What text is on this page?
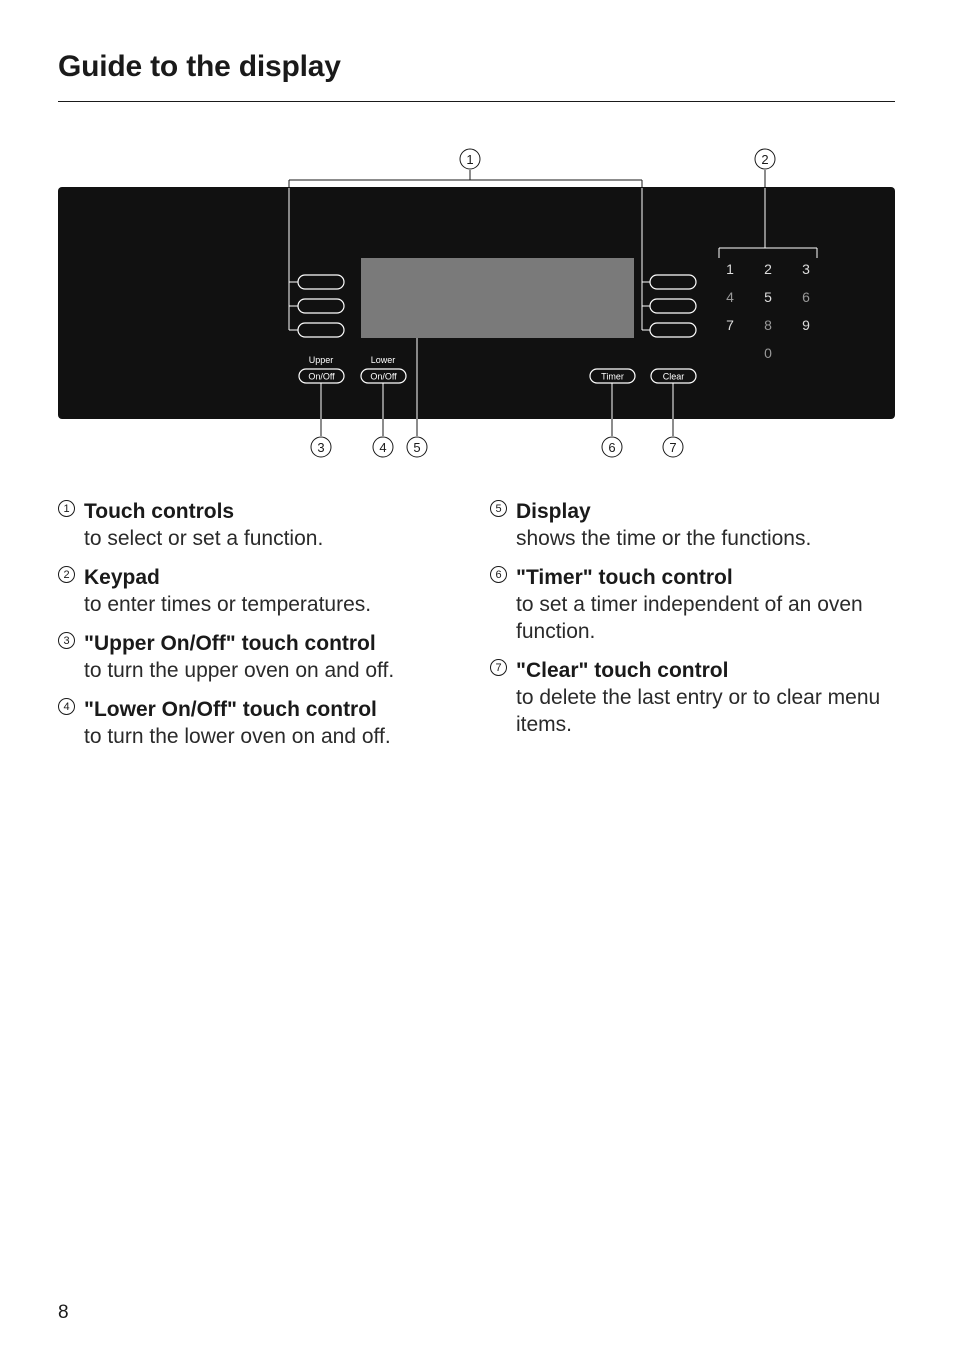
Guide to the display
1	2
1 2 3
4 5 6
7 8 9
0
Upper	Lower
On/Off	On/Off	Timer	Clear
3	4 5	6	7
1 Touch controls
to select or set a function.
2 Keypad
to enter times or temperatures.
3 "Upper On/Off" touch control
to turn the upper oven on and off.
4 "Lower On/Off" touch control
to turn the lower oven on and off.
5 Display
shows the time or the functions.
6 "Timer" touch control
to set a timer independent of an oven function.
7 "Clear" touch control
to delete the last entry or to clear menu items.
8
